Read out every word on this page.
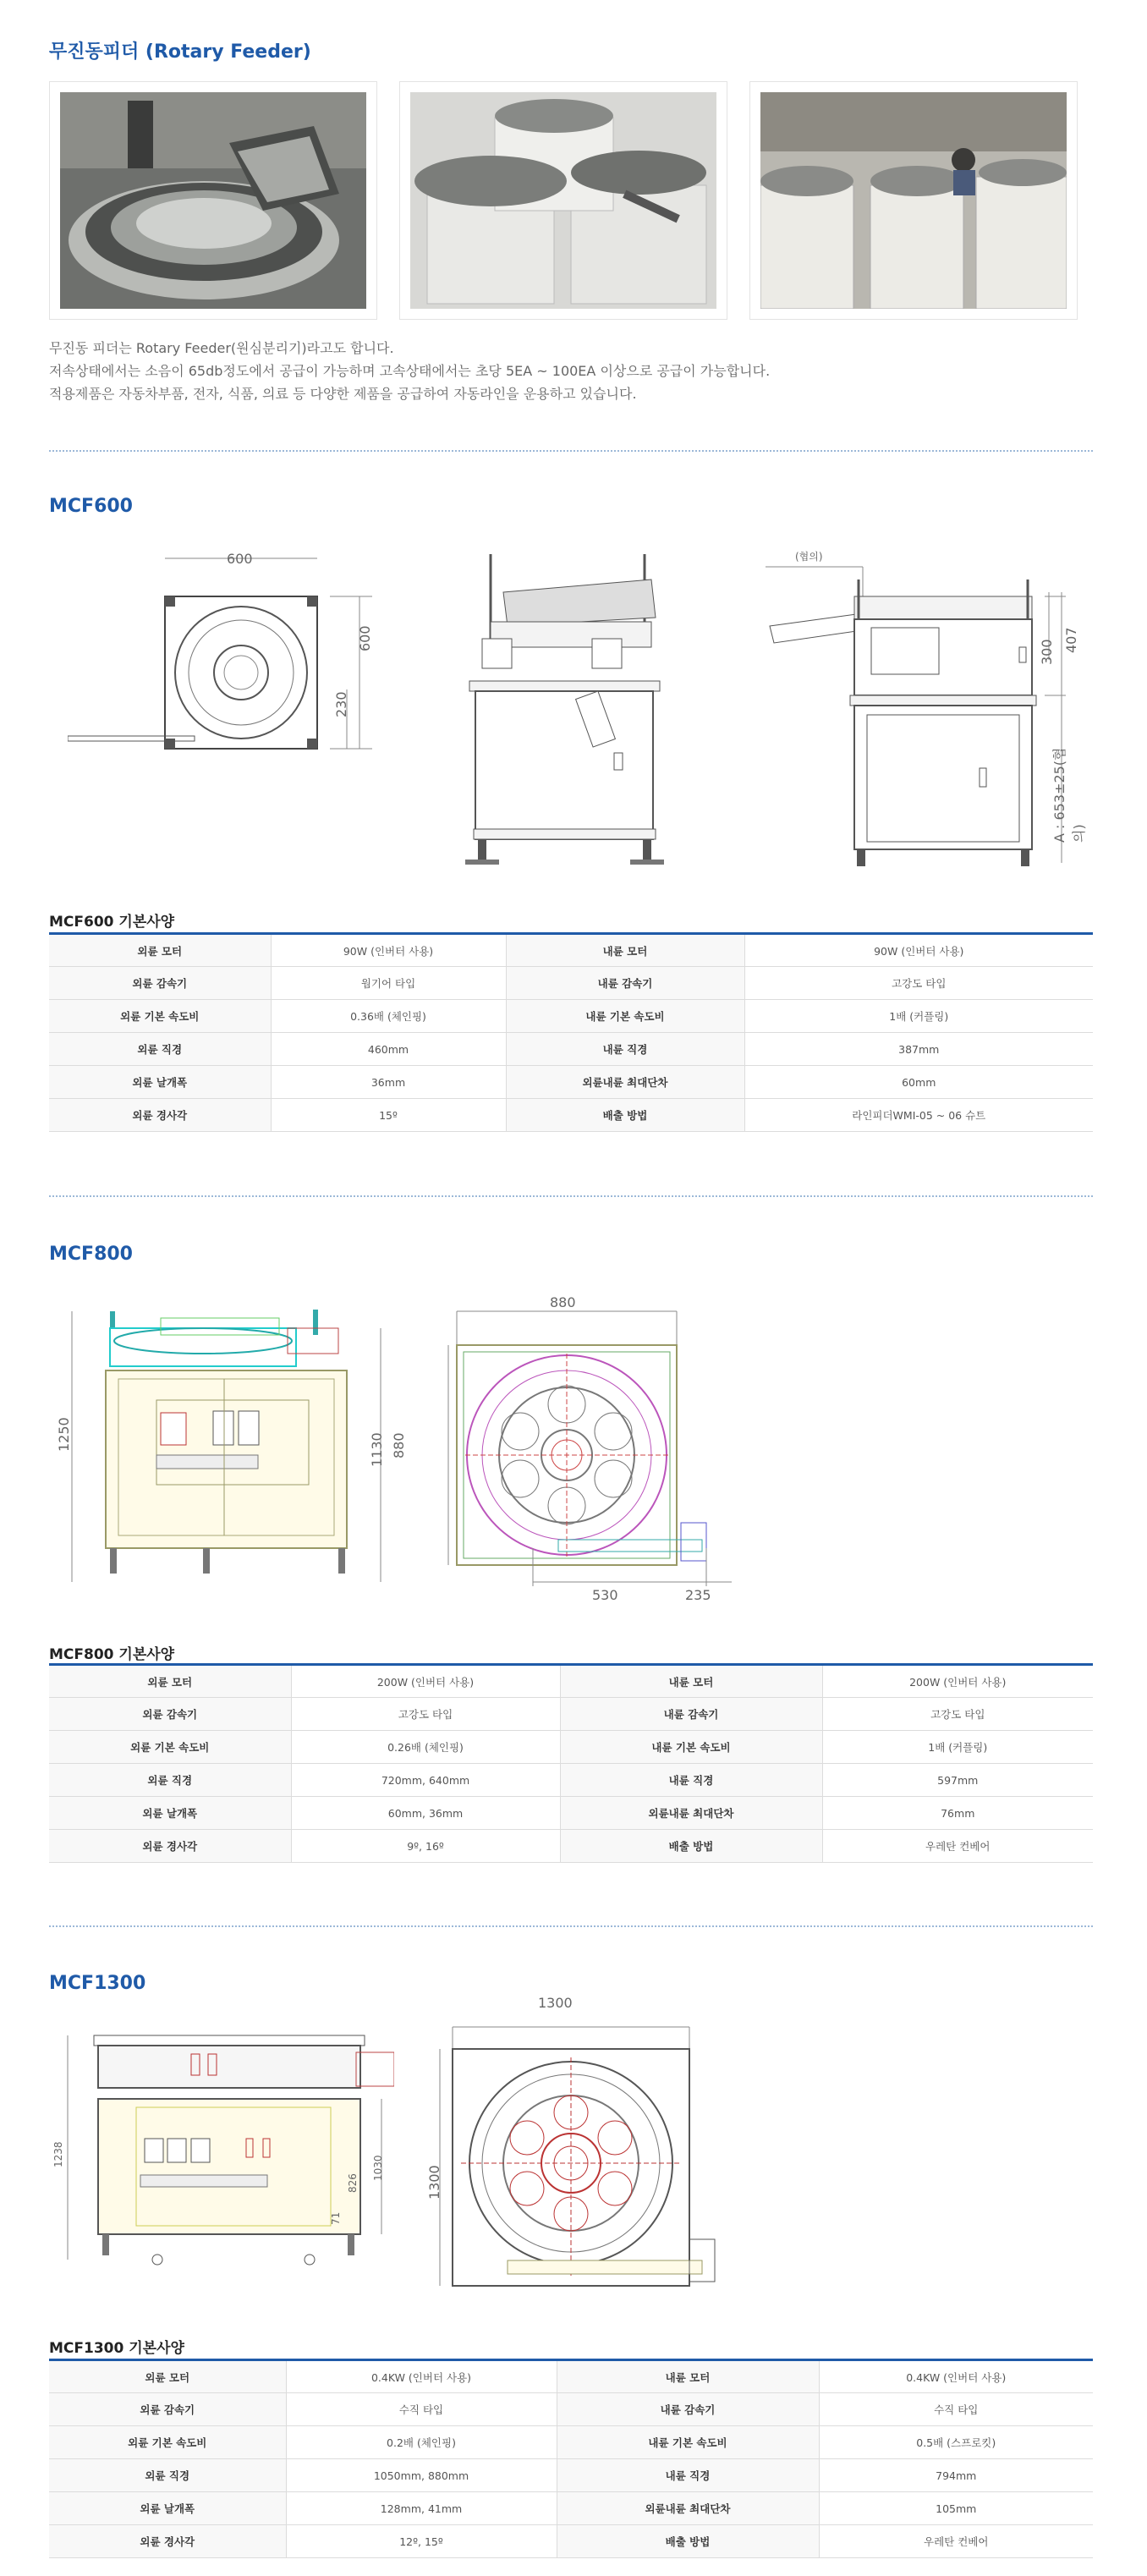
무진동피더 (Rotary Feeder)
무진동 피더는 Rotary Feeder(원심분리기)라고도 합니다.
저속상태에서는 소음이 65db정도에서 공급이 가능하며 고속상태에서는 초당 5EA ~ 100EA 이상으로 공급이 가능합니다.
적용제품은 자동차부품, 전자, 식품, 의료 등 다양한 제품을 공급하여 자동라인을 운용하고 있습니다.
MCF600
600
600
230
(협의)
300 407
A : 653±25(협의)
MCF600 기본사양
외륜 모터	90W (인버터 사용)	내륜 모터	90W (인버터 사용)
외륜 감속기	웜기어 타입	내륜 감속기	고강도 타입
외륜 기본 속도비	0.36배 (체인핑)	내륜 기본 속도비	1배 (커플링)
외륜 직경	460mm	내륜 직경	387mm
외륜 날개폭	36mm	외륜내륜 최대단차	60mm
외륜 경사각	15º	배출 방법	라인피더WMI-05 ~ 06 슈트
MCF800
1250	1130
880
880
530	235
MCF800 기본사양
외륜 모터	200W (인버터 사용)	내륜 모터	200W (인버터 사용)
외륜 감속기	고강도 타입	내륜 감속기	고강도 타입
외륜 기본 속도비	0.26배 (체인핑)	내륜 기본 속도비	1배 (커플링)
외륜 직경	720mm, 640mm	내륜 직경	597mm
외륜 날개폭	60mm, 36mm	외륜내륜 최대단차	76mm
외륜 경사각	9º, 16º	배출 방법	우레탄 컨베어
MCF1300
1238
1030
826
71
1300
1300
MCF1300 기본사양
외륜 모터	0.4KW (인버터 사용)	내륜 모터	0.4KW (인버터 사용)
외륜 감속기	수직 타입	내륜 감속기	수직 타입
외륜 기본 속도비	0.2배 (체인핑)	내륜 기본 속도비	0.5배 (스프로킷)
외륜 직경	1050mm, 880mm	내륜 직경	794mm
외륜 날개폭	128mm, 41mm	외륜내륜 최대단차	105mm
외륜 경사각	12º, 15º	배출 방법	우레탄 컨베어
